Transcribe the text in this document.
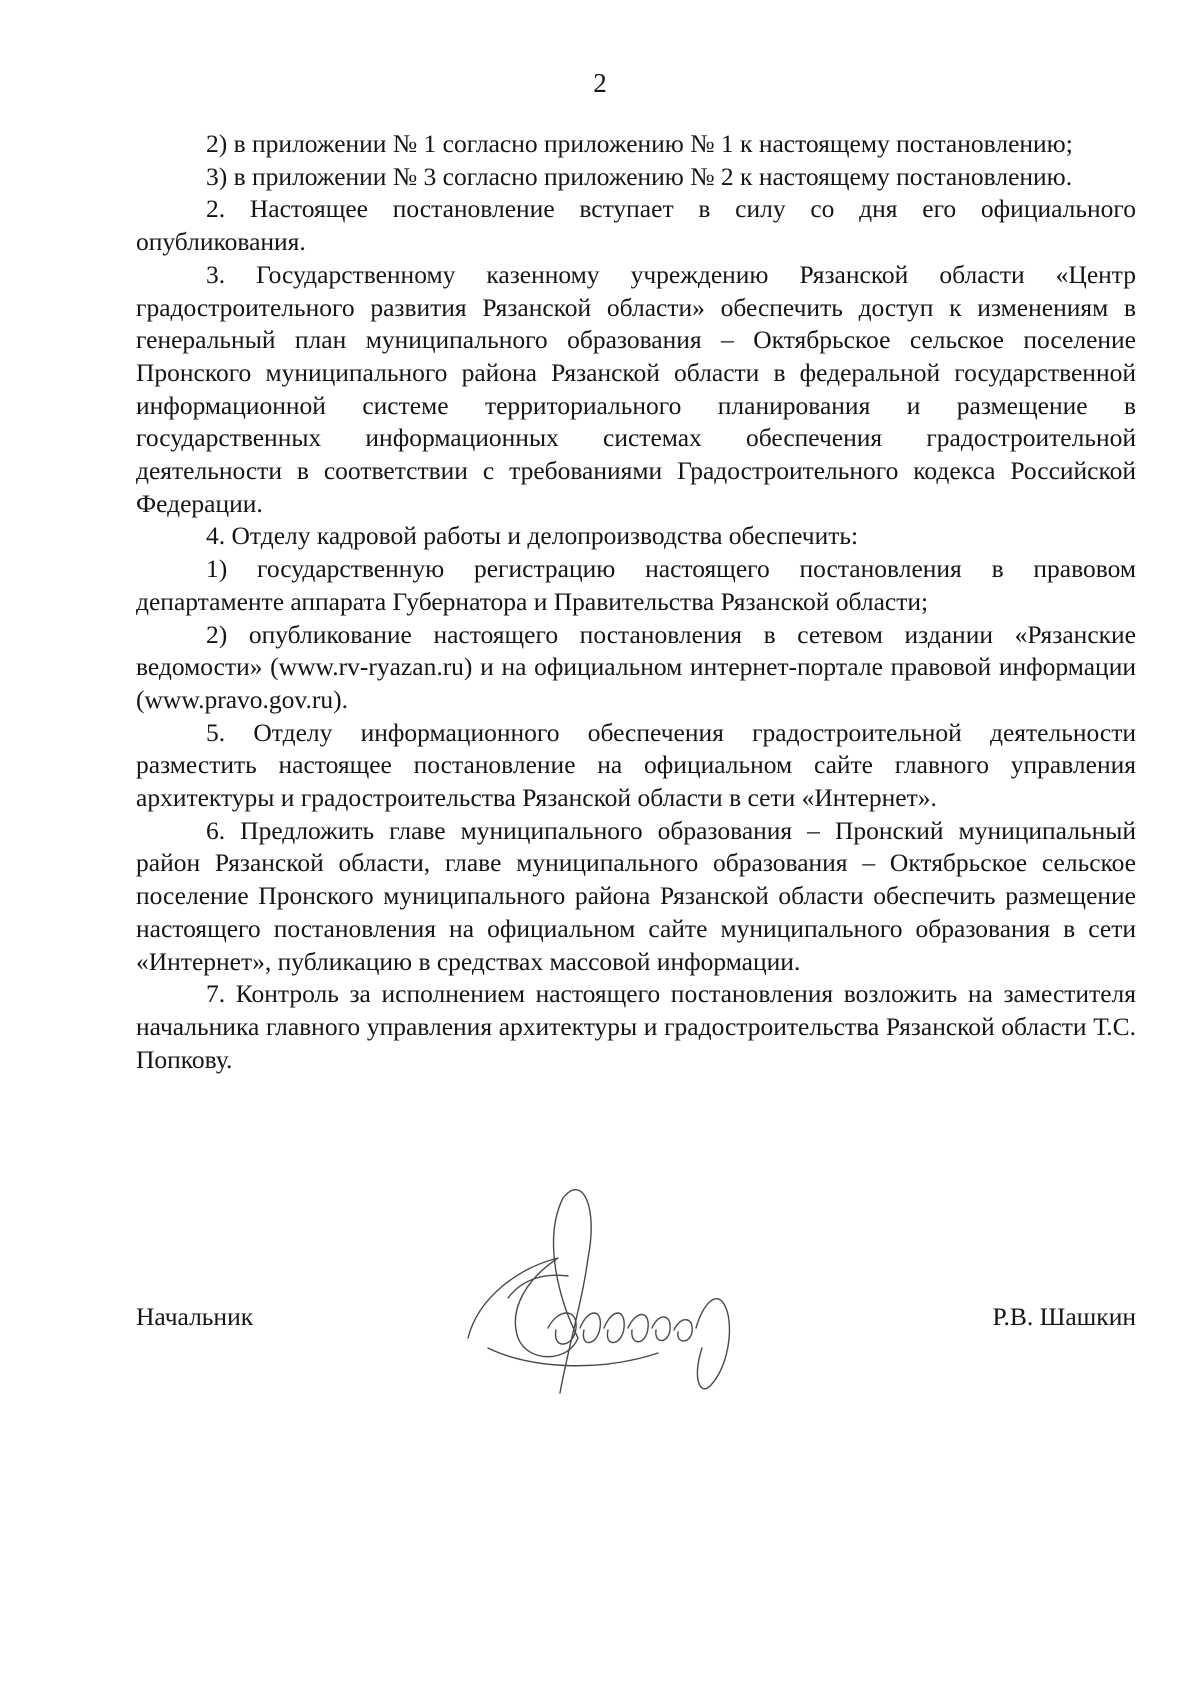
2

2) в приложении № 1 согласно приложению № 1 к настоящему постановлению;

3) в приложении № 3 согласно приложению № 2 к настоящему постановлению.

2. Настоящее постановление вступает в силу со дня его официального опубликования.

3. Государственному казенному учреждению Рязанской области «Центр градостроительного развития Рязанской области» обеспечить доступ к изменениям в генеральный план муниципального образования – Октябрьское сельское поселение Пронского муниципального района Рязанской области в федеральной государственной информационной системе территориального планирования и размещение в государственных информационных системах обеспечения градостроительной деятельности в соответствии с требованиями Градостроительного кодекса Российской Федерации.

4. Отделу кадровой работы и делопроизводства обеспечить:

1) государственную регистрацию настоящего постановления в правовом департаменте аппарата Губернатора и Правительства Рязанской области;

2) опубликование настоящего постановления в сетевом издании «Рязанские ведомости» (www.rv-ryazan.ru) и на официальном интернет-портале правовой информации (www.pravo.gov.ru).

5. Отделу информационного обеспечения градостроительной деятельности разместить настоящее постановление на официальном сайте главного управления архитектуры и градостроительства Рязанской области в сети «Интернет».

6. Предложить главе муниципального образования – Пронский муниципальный район Рязанской области, главе муниципального образования – Октябрьское сельское поселение Пронского муниципального района Рязанской области обеспечить размещение настоящего постановления на официальном сайте муниципального образования в сети «Интернет», публикацию в средствах массовой информации.

7. Контроль за исполнением настоящего постановления возложить на заместителя начальника главного управления архитектуры и градостроительства Рязанской области Т.С. Попкову.

Начальник	Р.В. Шашкин
